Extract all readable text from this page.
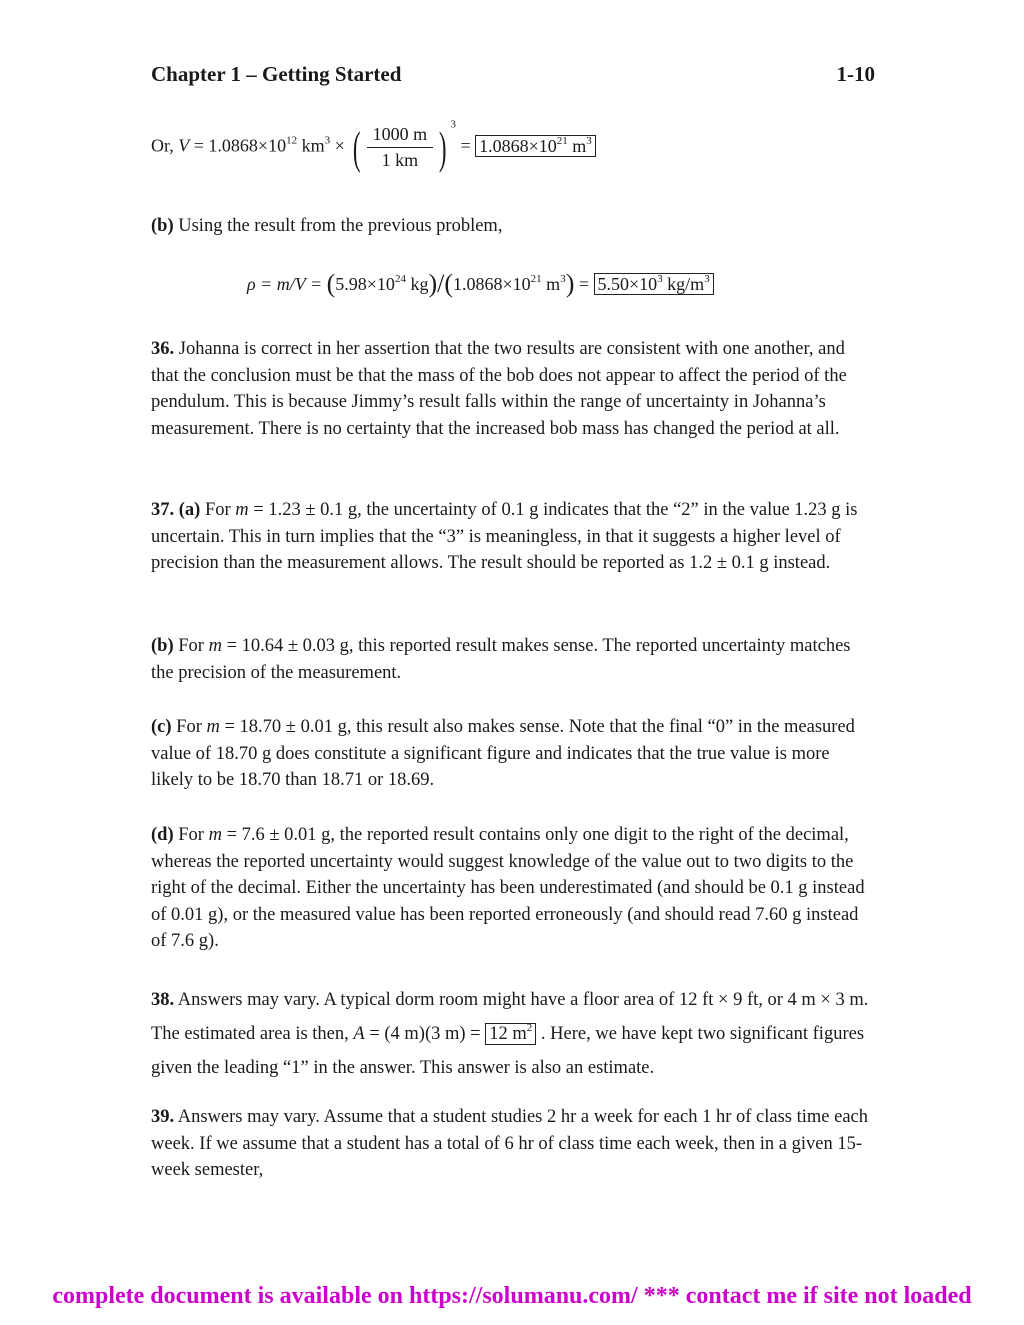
Chapter 1 – Getting Started	1-10
Or, $V = 1.0868\times 10^{12}$ $km^3$ × ( $\frac{1000 m}{1 km}$ ) $^3 = 1.0868\times 10^{21}$ $m^3$

(b) Using the result from the previous problem,

$\rho = m/V = (5.98\times 10^{24}$ $kg)/(1.0868\times 10^{21}$ $m^3) = 5.50\times 10^3$ $kg/m^3$

36. Johanna is correct in her assertion that the two results are consistent with one another, and that the conclusion must be that the mass of the bob does not appear to affect the period of the pendulum. This is because Jimmy’s result falls within the range of uncertainty in Johanna’s measurement. There is no certainty that the increased bob mass has changed the period at all.

37. (a) For m = 1.23 ± 0.1 g, the uncertainty of 0.1 g indicates that the “2” in the value 1.23 g is uncertain. This in turn implies that the “3” is meaningless, in that it suggests a higher level of precision than the measurement allows. The result should be reported as 1.2 ± 0.1 g instead.

(b) For m = 10.64 ± 0.03 g, this reported result makes sense. The reported uncertainty matches the precision of the measurement.

(c) For m = 18.70 ± 0.01 g, this result also makes sense. Note that the final “0” in the measured value of 18.70 g does constitute a significant figure and indicates that the true value is more likely to be 18.70 than 18.71 or 18.69.

(d) For m = 7.6 ± 0.01 g, the reported result contains only one digit to the right of the decimal, whereas the reported uncertainty would suggest knowledge of the value out to two digits to the right of the decimal. Either the uncertainty has been underestimated (and should be 0.1 g instead of 0.01 g), or the measured value has been reported erroneously (and should read 7.60 g instead of 7.6 g).

38. Answers may vary. A typical dorm room might have a floor area of 12 ft × 9 ft, or 4 m × 3 m. The estimated area is then, A = (4 m)(3 m) = 12 $m^2$ . Here, we have kept two significant figures given the leading “1” in the answer. This answer is also an estimate.

39. Answers may vary. Assume that a student studies 2 hr a week for each 1 hr of class time each week. If we assume that a student has a total of 6 hr of class time each week, then in a given 15-week semester,

complete document is available on https://solumanu.com/ *** contact me if site not loaded
